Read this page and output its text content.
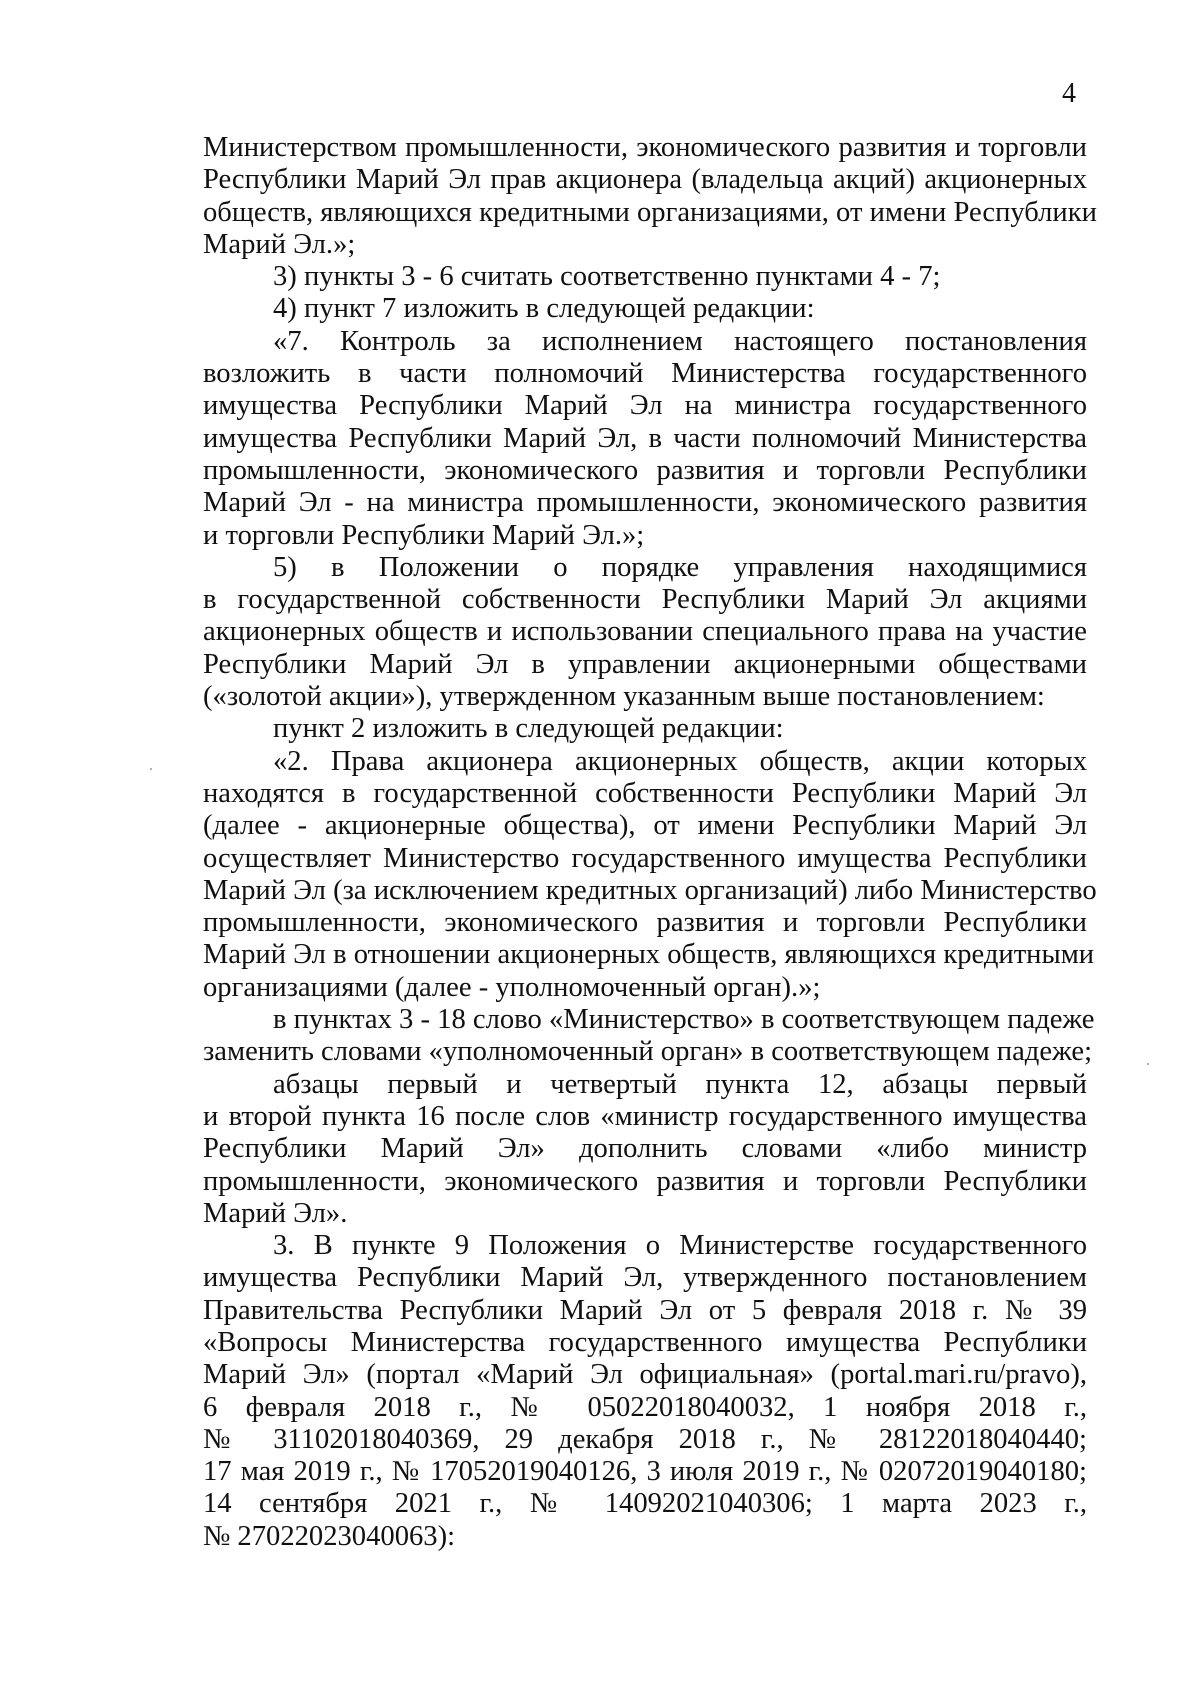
4
Министерством промышленности, экономического развития и торговли
Республики Марий Эл прав акционера (владельца акций) акционерных
обществ, являющихся кредитными организациями, от имени Республики
Марий Эл.»;
3) пункты 3 - 6 считать соответственно пунктами 4 - 7;
4) пункт 7 изложить в следующей редакции:
«7. Контроль за исполнением настоящего постановления
возложить в части полномочий Министерства государственного
имущества Республики Марий Эл на министра государственного
имущества Республики Марий Эл, в части полномочий Министерства
промышленности, экономического развития и торговли Республики
Марий Эл - на министра промышленности, экономического развития
и торговли Республики Марий Эл.»;
5) в Положении о порядке управления находящимися
в государственной собственности Республики Марий Эл акциями
акционерных обществ и использовании специального права на участие
Республики Марий Эл в управлении акционерными обществами
(«золотой акции»), утвержденном указанным выше постановлением:
пункт 2 изложить в следующей редакции:
«2. Права акционера акционерных обществ, акции которых
находятся в государственной собственности Республики Марий Эл
(далее - акционерные общества), от имени Республики Марий Эл
осуществляет Министерство государственного имущества Республики
Марий Эл (за исключением кредитных организаций) либо Министерство
промышленности, экономического развития и торговли Республики
Марий Эл в отношении акционерных обществ, являющихся кредитными
организациями (далее - уполномоченный орган).»;
в пунктах 3 - 18 слово «Министерство» в соответствующем падеже
заменить словами «уполномоченный орган» в соответствующем падеже;
абзацы первый и четвертый пункта 12, абзацы первый
и второй пункта 16 после слов «министр государственного имущества
Республики Марий Эл» дополнить словами «либо министр
промышленности, экономического развития и торговли Республики
Марий Эл».
3. В пункте 9 Положения о Министерстве государственного
имущества Республики Марий Эл, утвержденного постановлением
Правительства Республики Марий Эл от 5 февраля 2018 г. № 39
«Вопросы Министерства государственного имущества Республики
Марий Эл» (портал «Марий Эл официальная» (portal.mari.ru/pravo),
6 февраля 2018 г., № 05022018040032, 1 ноября 2018 г.,
№ 31102018040369, 29 декабря 2018 г., № 28122018040440;
17 мая 2019 г., № 17052019040126, 3 июля 2019 г., № 02072019040180;
14 сентября 2021 г., № 14092021040306; 1 марта 2023 г.,
№ 27022023040063):
